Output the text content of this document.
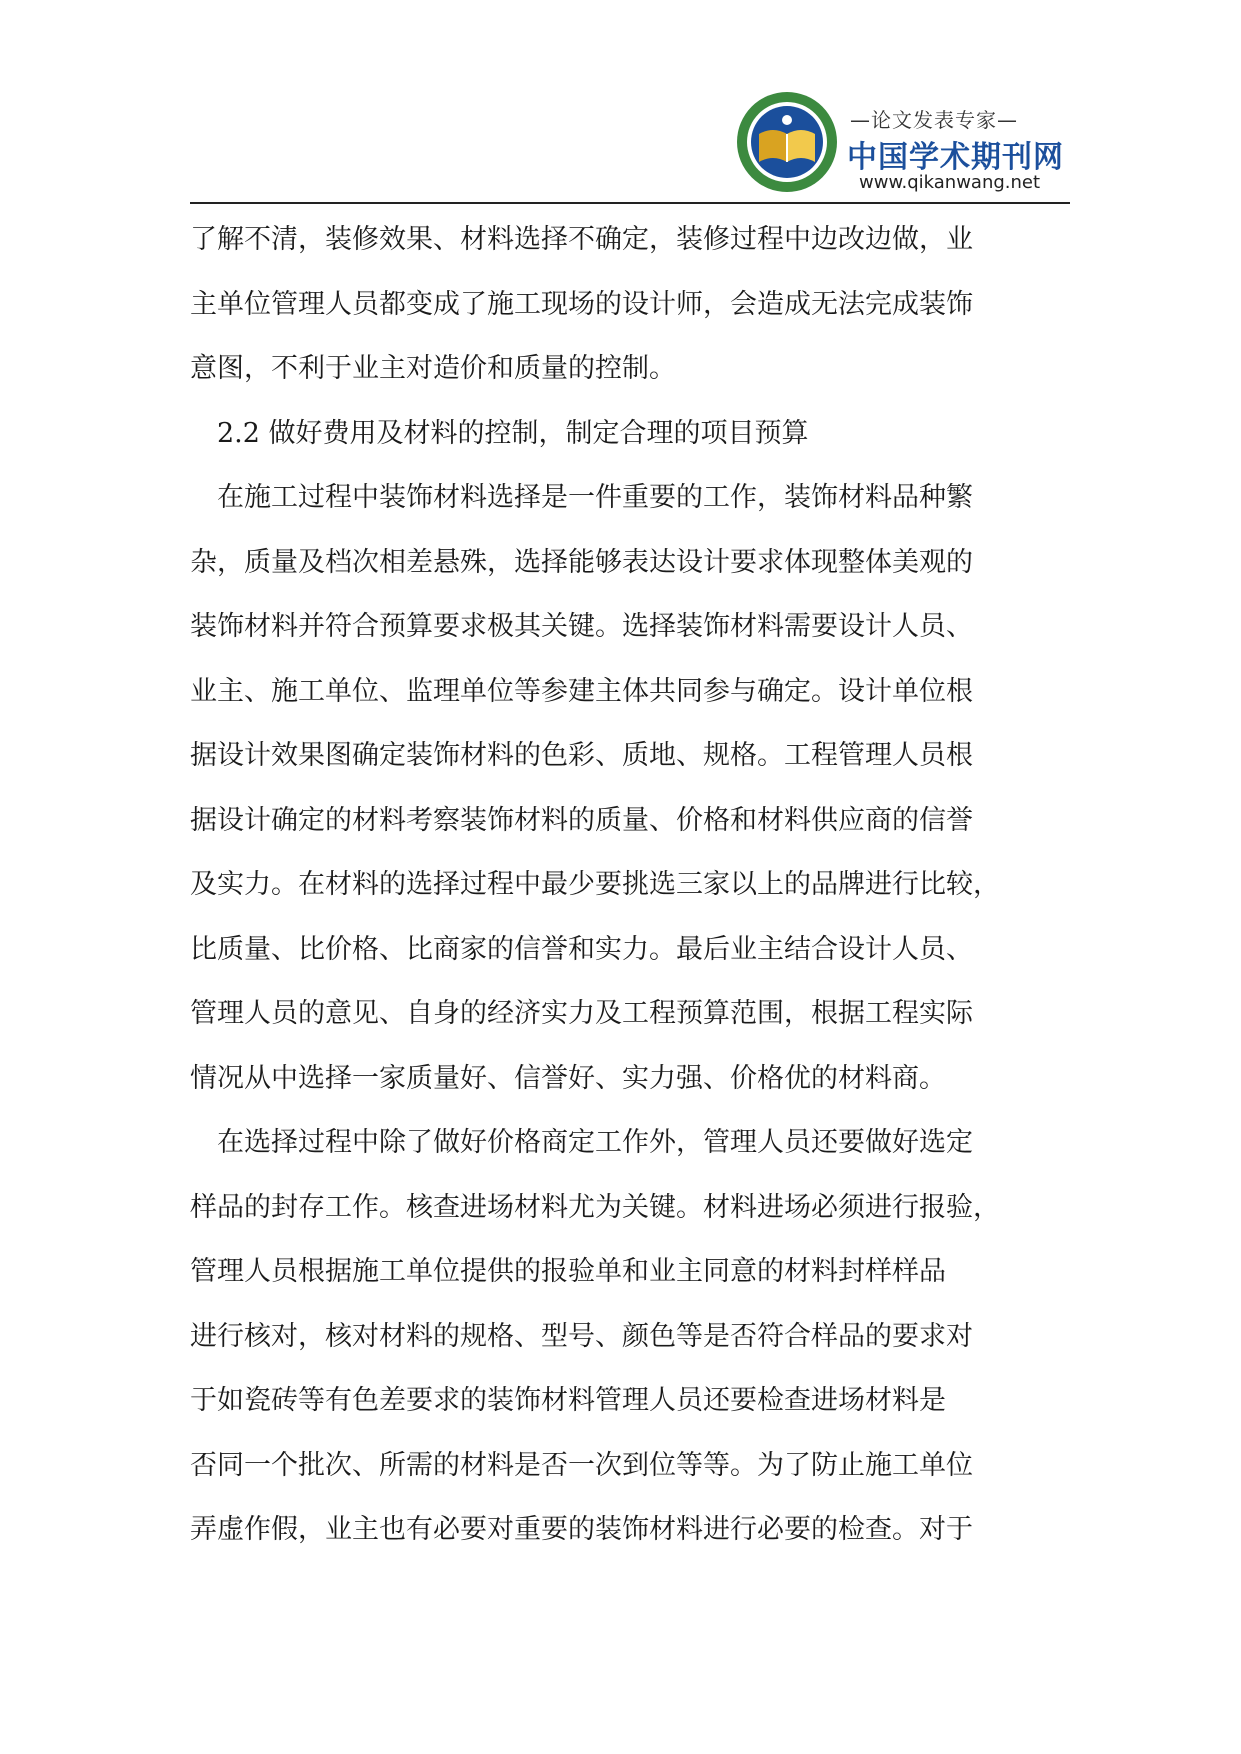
—论文发表专家—
中国学术期刊网
www.qikanwang.net
了解不清，装修效果、材料选择不确定，装修过程中边改边做，业
主单位管理人员都变成了施工现场的设计师，会造成无法完成装饰
意图，不利于业主对造价和质量的控制。
2.2 做好费用及材料的控制，制定合理的项目预算
在施工过程中装饰材料选择是一件重要的工作，装饰材料品种繁
杂，质量及档次相差悬殊，选择能够表达设计要求体现整体美观的
装饰材料并符合预算要求极其关键。选择装饰材料需要设计人员、
业主、施工单位、监理单位等参建主体共同参与确定。设计单位根
据设计效果图确定装饰材料的色彩、质地、规格。工程管理人员根
据设计确定的材料考察装饰材料的质量、价格和材料供应商的信誉
及实力。在材料的选择过程中最少要挑选三家以上的品牌进行比较，
比质量、比价格、比商家的信誉和实力。最后业主结合设计人员、
管理人员的意见、自身的经济实力及工程预算范围，根据工程实际
情况从中选择一家质量好、信誉好、实力强、价格优的材料商。
在选择过程中除了做好价格商定工作外，管理人员还要做好选定
样品的封存工作。核查进场材料尤为关键。材料进场必须进行报验，
管理人员根据施工单位提供的报验单和业主同意的材料封样样品
进行核对，核对材料的规格、型号、颜色等是否符合样品的要求对
于如瓷砖等有色差要求的装饰材料管理人员还要检查进场材料是
否同一个批次、所需的材料是否一次到位等等。为了防止施工单位
弄虚作假，业主也有必要对重要的装饰材料进行必要的检查。对于
